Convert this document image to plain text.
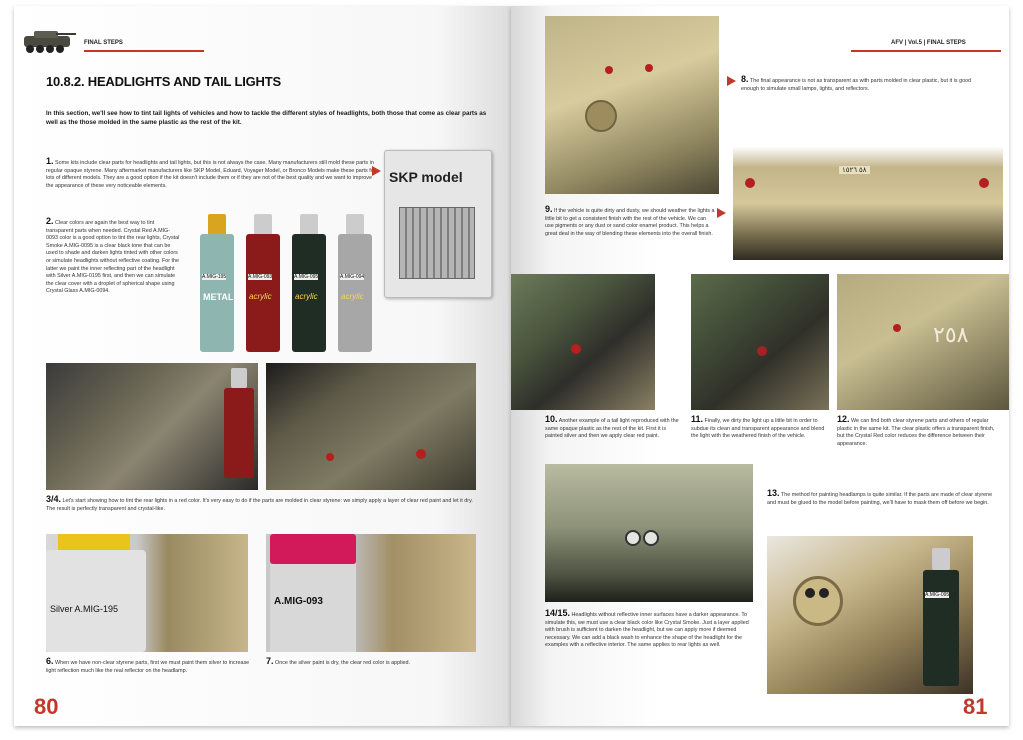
FINAL STEPS
10.8.2. HEADLIGHTS AND TAIL LIGHTS
In this section, we'll see how to tint tail lights of vehicles and how to tackle the different styles of headlights, both those that come as clear parts as well as the those molded in the same plastic as the rest of the kit.
1. Some kits include clear parts for headlights and tail lights, but this is not always the case. Many manufacturers still mold these parts in regular opaque styrene. Many aftermarket manufacturers like SKP Model, Eduard, Voyager Model, or Bronco Models make these parts for lots of different models. They are a good option if the kit doesn't include them or if they are not of the best quality and we want to improve the appearance of these very noticeable elements.
SKP model
2. Clear colors are again the best way to tint transparent parts when needed. Crystal Red A.MIG-0093 color is a good option to tint the rear lights, Crystal Smoke A.MIG-0095 is a clear black tone that can be used to shade and darken lights tinted with other colors or simulate headlights without reflective coating. For the latter we paint the inner reflecting part of the headlight with Silver A.MIG-0195 first, and then we can simulate the clear cover with a droplet of spherical shape using Crystal Glass A.MIG-0094.
A.MIG-195
METAL
A.MIG-093
acrylic
A.MIG-095
acrylic
A.MIG-094
acrylic
3/4. Let's start showing how to tint the rear lights in a red color. It's very easy to do if the parts are molded in clear styrene: we simply apply a layer of clear red paint and let it dry. The result is perfectly transparent and crystal-like.
Silver A.MIG-195
A.MIG-093
6. When we have non-clear styrene parts, first we must paint them silver to increase light reflection much like the real reflector on the headlamp.
7. Once the silver paint is dry, the clear red color is applied.
80
AFV | Vol.5 | FINAL STEPS
8. The final appearance is not as transparent as with parts molded in clear plastic, but it is good enough to simulate small lamps, lights, and reflectors.
٥٨ ١٥٢٦
9. If the vehicle is quite dirty and dusty, we should weather the lights a little bit to get a consistent finish with the rest of the vehicle. We can use pigments or any dust or sand color enamel product. This helps a great deal in the way of blending these elements into the overall finish.
٢٥٨
10. Another example of a tail light reproduced with the same opaque plastic as the rest of the kit. First it is painted silver and then we apply clear red paint.
11. Finally, we dirty the light up a little bit in order to subdue its clean and transparent appearance and blend the light with the weathered finish of the vehicle.
12. We can find both clear styrene parts and others of regular plastic in the same kit. The clear plastic offers a transparent finish, but the Crystal Red color reduces the difference between their appearance.
13. The method for painting headlamps is quite similar. If the parts are made of clear styrene and must be glued to the model before painting, we'll have to mask them off before we begin.
A.MIG-095
14/15. Headlights without reflective inner surfaces have a darker appearance. To simulate this, we must use a clear black color like Crystal Smoke. Just a layer applied with brush is sufficient to darken the headlight, but we can apply more if deemed necessary. We can add a black wash to enhance the shape of the headlight for the examples with a reflective interior. The same applies to rear lights as well.
81
